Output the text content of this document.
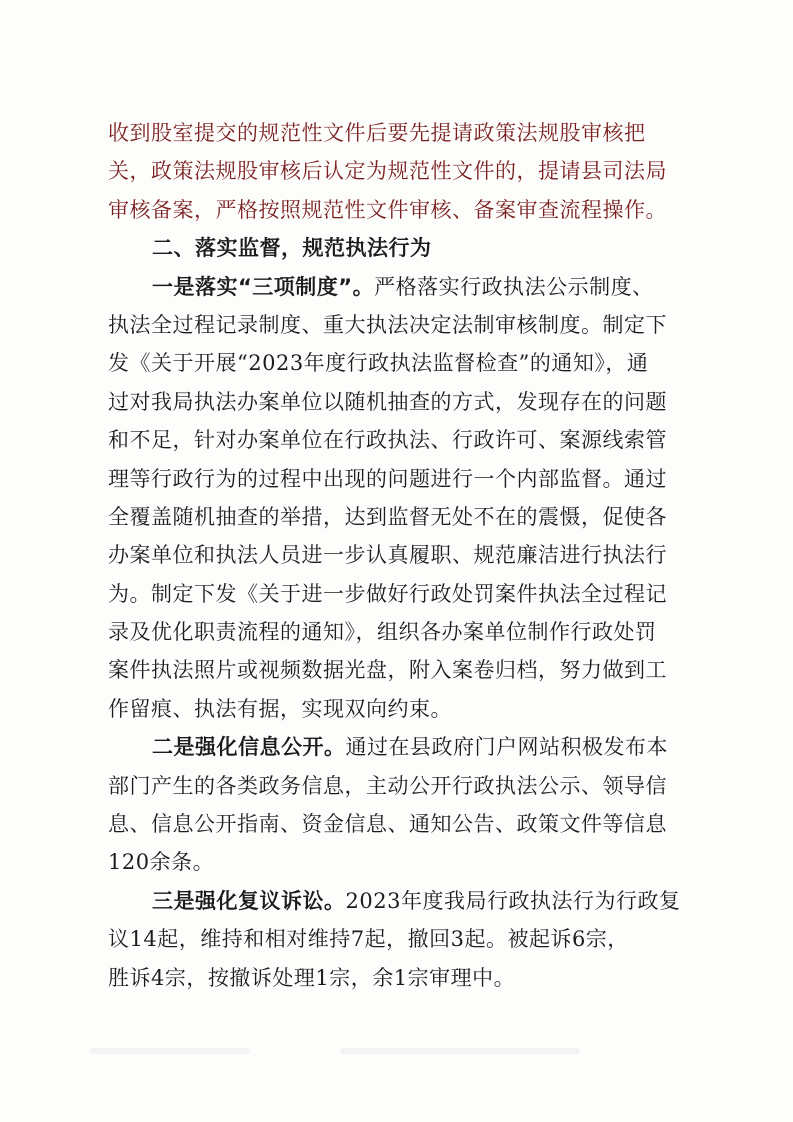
收到股室提交的规范性文件后要先提请政策法规股审核把
关，政策法规股审核后认定为规范性文件的，提请县司法局
审核备案，严格按照规范性文件审核、备案审查流程操作。
二、落实监督，规范执法行为
一是落实“三项制度”。严格落实行政执法公示制度、
执法全过程记录制度、重大执法决定法制审核制度。制定下
发《关于开展“2023年度行政执法监督检查”的通知》，通
过对我局执法办案单位以随机抽查的方式，发现存在的问题
和不足，针对办案单位在行政执法、行政许可、案源线索管
理等行政行为的过程中出现的问题进行一个内部监督。通过
全覆盖随机抽查的举措，达到监督无处不在的震慑，促使各
办案单位和执法人员进一步认真履职、规范廉洁进行执法行
为。制定下发《关于进一步做好行政处罚案件执法全过程记
录及优化职责流程的通知》，组织各办案单位制作行政处罚
案件执法照片或视频数据光盘，附入案卷归档，努力做到工
作留痕、执法有据，实现双向约束。
二是强化信息公开。通过在县政府门户网站积极发布本
部门产生的各类政务信息，主动公开行政执法公示、领导信
息、信息公开指南、资金信息、通知公告、政策文件等信息
120余条。
三是强化复议诉讼。2023年度我局行政执法行为行政复
议14起，维持和相对维持7起，撤回3起。被起诉6宗，
胜诉4宗，按撤诉处理1宗，余1宗审理中。
